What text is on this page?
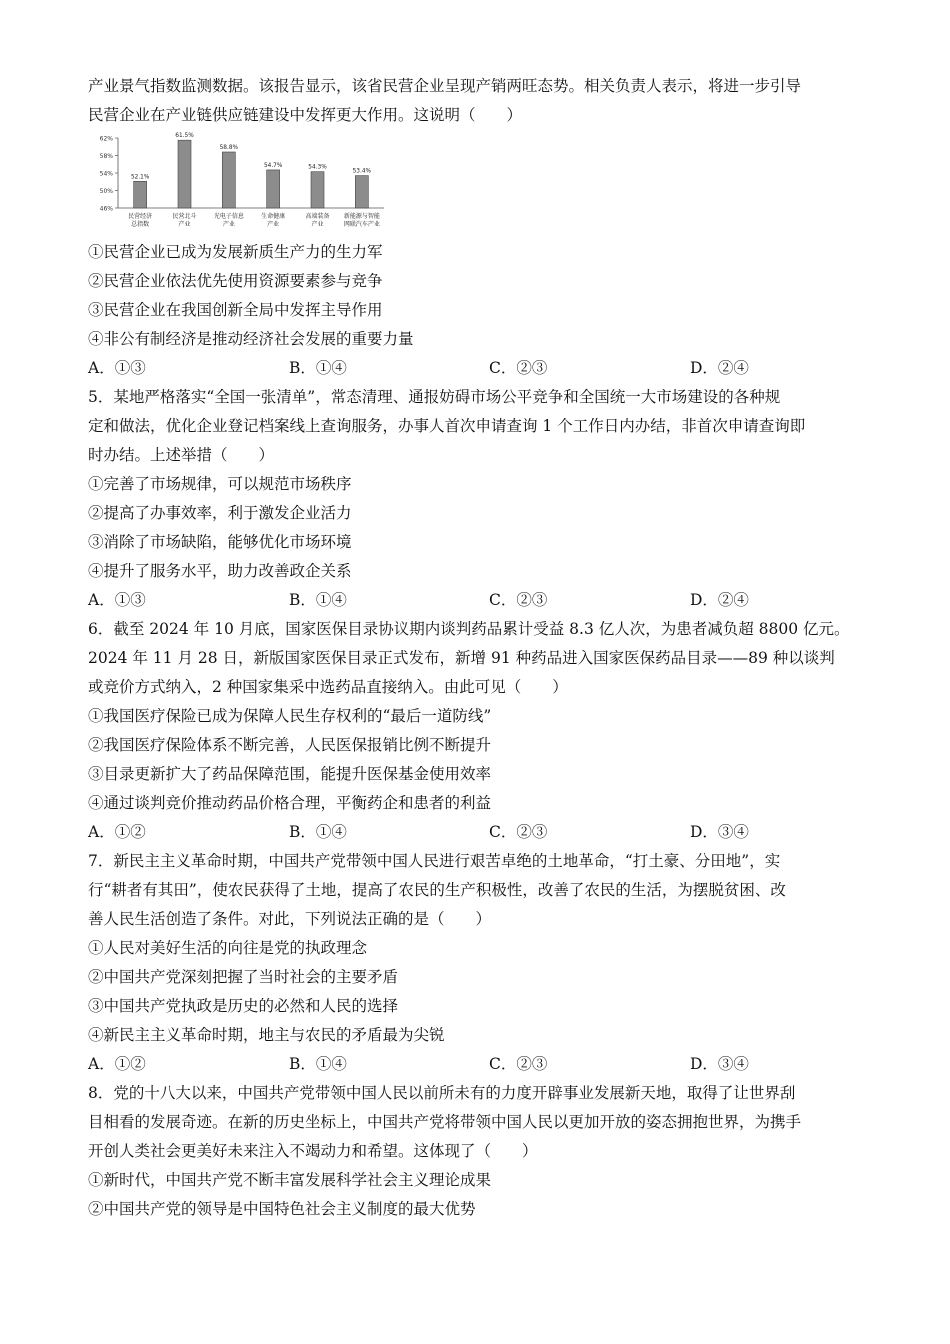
产业景气指数监测数据。该报告显示，该省民营企业呈现产销两旺态势。相关负责人表示，将进一步引导
民营企业在产业链供应链建设中发挥更大作用。这说明（　　）
46%
50%
54%
58%
62%
52.1%
民营经济
总指数
61.5%
民营北斗
产业
58.8%
光电子信息
产业
54.7%
生命健康
产业
54.3%
高端装备
产业
53.4%
新能源与智能
网联汽车产业
①民营企业已成为发展新质生产力的生力军
②民营企业依法优先使用资源要素参与竞争
③民营企业在我国创新全局中发挥主导作用
④非公有制经济是推动经济社会发展的重要力量
A．①③	B．①④	C．②③	D．②④
5．某地严格落实“全国一张清单”，常态清理、通报妨碍市场公平竞争和全国统一大市场建设的各种规
定和做法，优化企业登记档案线上查询服务，办事人首次申请查询 1 个工作日内办结，非首次申请查询即
时办结。上述举措（　　）
①完善了市场规律，可以规范市场秩序
②提高了办事效率，利于激发企业活力
③消除了市场缺陷，能够优化市场环境
④提升了服务水平，助力改善政企关系
A．①③	B．①④	C．②③	D．②④
6．截至 2024 年 10 月底，国家医保目录协议期内谈判药品累计受益 8.3 亿人次，为患者减负超 8800 亿元。
2024 年 11 月 28 日，新版国家医保目录正式发布，新增 91 种药品进入国家医保药品目录——89 种以谈判
或竞价方式纳入，2 种国家集采中选药品直接纳入。由此可见（　　）
①我国医疗保险已成为保障人民生存权利的“最后一道防线”
②我国医疗保险体系不断完善，人民医保报销比例不断提升
③目录更新扩大了药品保障范围，能提升医保基金使用效率
④通过谈判竞价推动药品价格合理，平衡药企和患者的利益
A．①②	B．①④	C．②③	D．③④
7．新民主主义革命时期，中国共产党带领中国人民进行艰苦卓绝的土地革命，“打土豪、分田地”，实
行“耕者有其田”，使农民获得了土地，提高了农民的生产积极性，改善了农民的生活，为摆脱贫困、改
善人民生活创造了条件。对此，下列说法正确的是（　　）
①人民对美好生活的向往是党的执政理念
②中国共产党深刻把握了当时社会的主要矛盾
③中国共产党执政是历史的必然和人民的选择
④新民主主义革命时期，地主与农民的矛盾最为尖锐
A．①②	B．①④	C．②③	D．③④
8．党的十八大以来，中国共产党带领中国人民以前所未有的力度开辟事业发展新天地，取得了让世界刮
目相看的发展奇迹。在新的历史坐标上，中国共产党将带领中国人民以更加开放的姿态拥抱世界，为携手
开创人类社会更美好未来注入不竭动力和希望。这体现了（　　）
①新时代，中国共产党不断丰富发展科学社会主义理论成果
②中国共产党的领导是中国特色社会主义制度的最大优势
